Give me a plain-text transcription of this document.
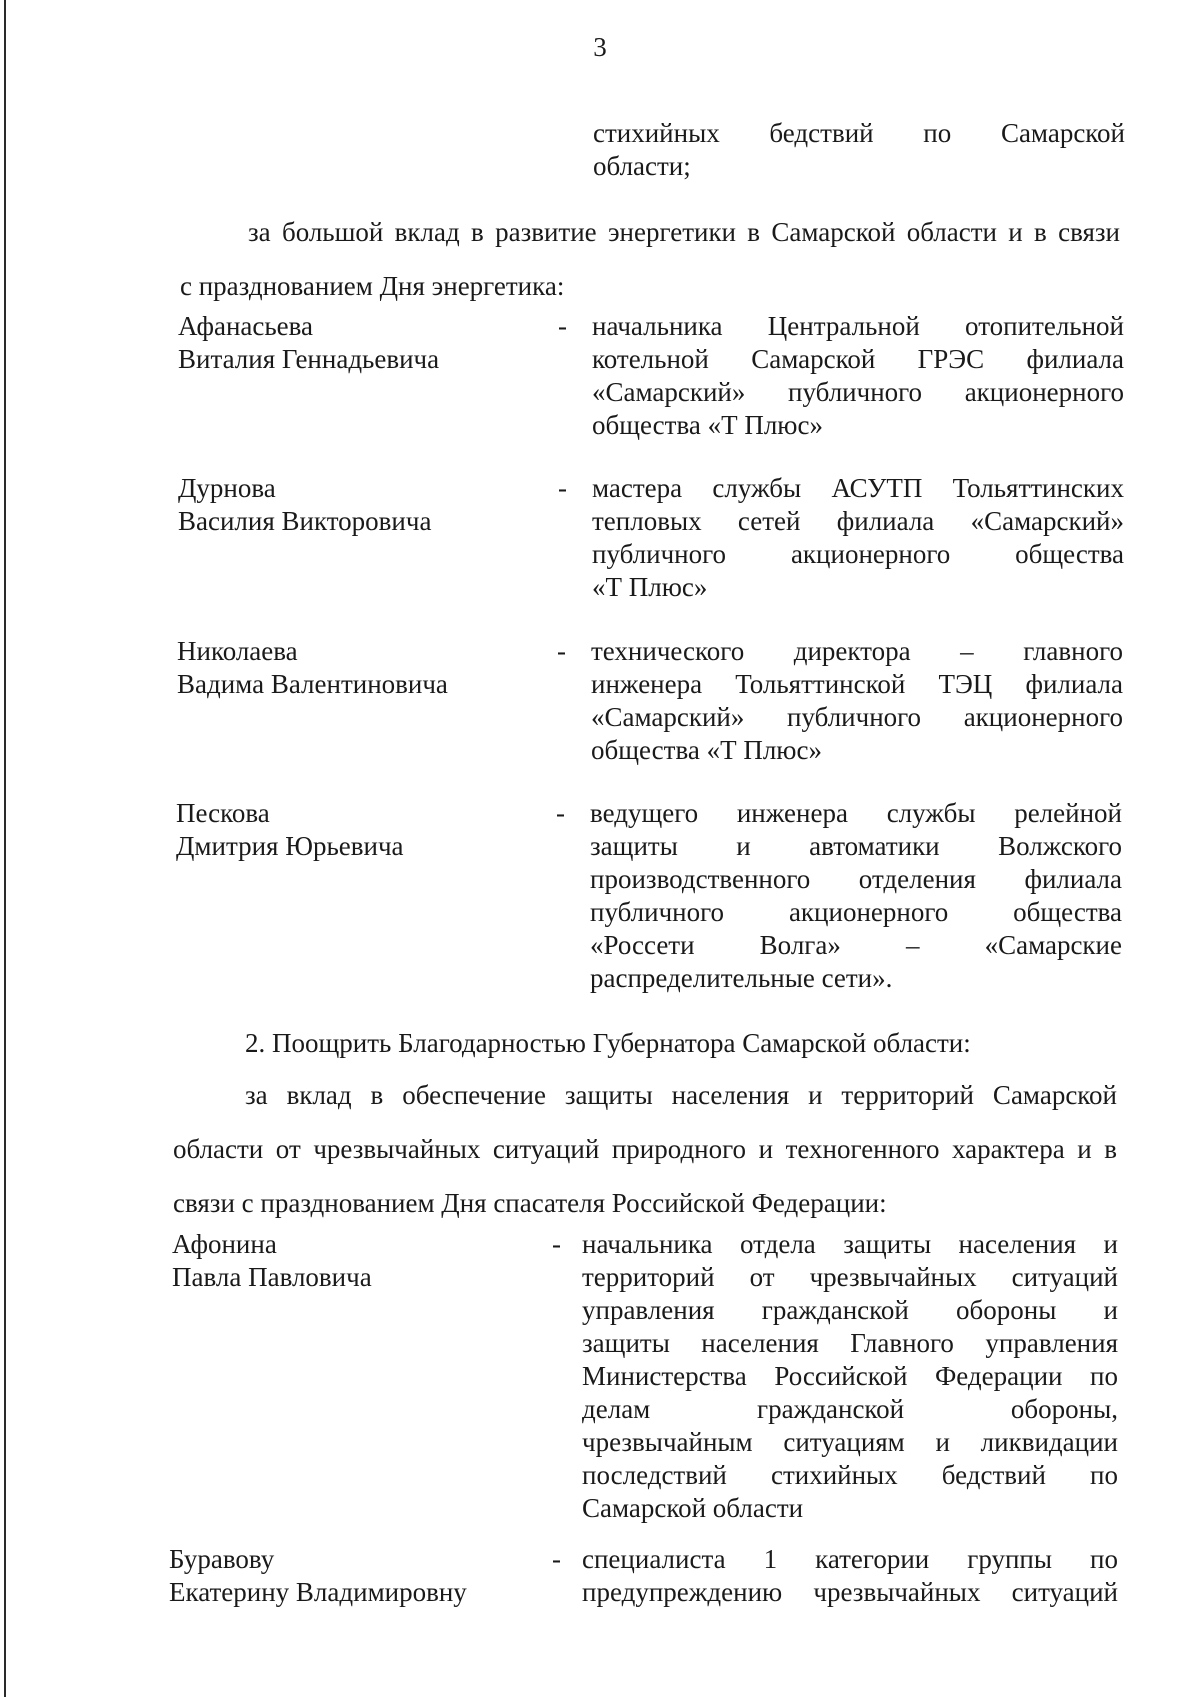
3
стихийных бедствий по Самарской
области;
за большой вклад в развитие энергетики в Самарской области и в связи
с празднованием Дня энергетика:
Афанасьева
Виталия Геннадьевича
- начальника Центральной отопительной
котельной Самарской ГРЭС филиала
«Самарский» публичного акционерного
общества «Т Плюс»
Дурнова
Василия Викторовича
- мастера службы АСУТП Тольяттинских
тепловых сетей филиала «Самарский»
публичного акционерного общества
«Т Плюс»
Николаева
Вадима Валентиновича
- технического директора – главного
инженера Тольяттинской ТЭЦ филиала
«Самарский» публичного акционерного
общества «Т Плюс»
Пескова
Дмитрия Юрьевича
- ведущего инженера службы релейной
защиты и автоматики Волжского
производственного отделения филиала
публичного акционерного общества
«Россети Волга» – «Самарские
распределительные сети».
2. Поощрить Благодарностью Губернатора Самарской области:
за вклад в обеспечение защиты населения и территорий Самарской
области от чрезвычайных ситуаций природного и техногенного характера и в
связи с празднованием Дня спасателя Российской Федерации:
Афонина
Павла Павловича
- начальника отдела защиты населения и
территорий от чрезвычайных ситуаций
управления гражданской обороны и
защиты населения Главного управления
Министерства Российской Федерации по
делам гражданской обороны,
чрезвычайным ситуациям и ликвидации
последствий стихийных бедствий по
Самарской области
Буравову
Екатерину Владимировну
- специалиста 1 категории группы по
предупреждению чрезвычайных ситуаций
